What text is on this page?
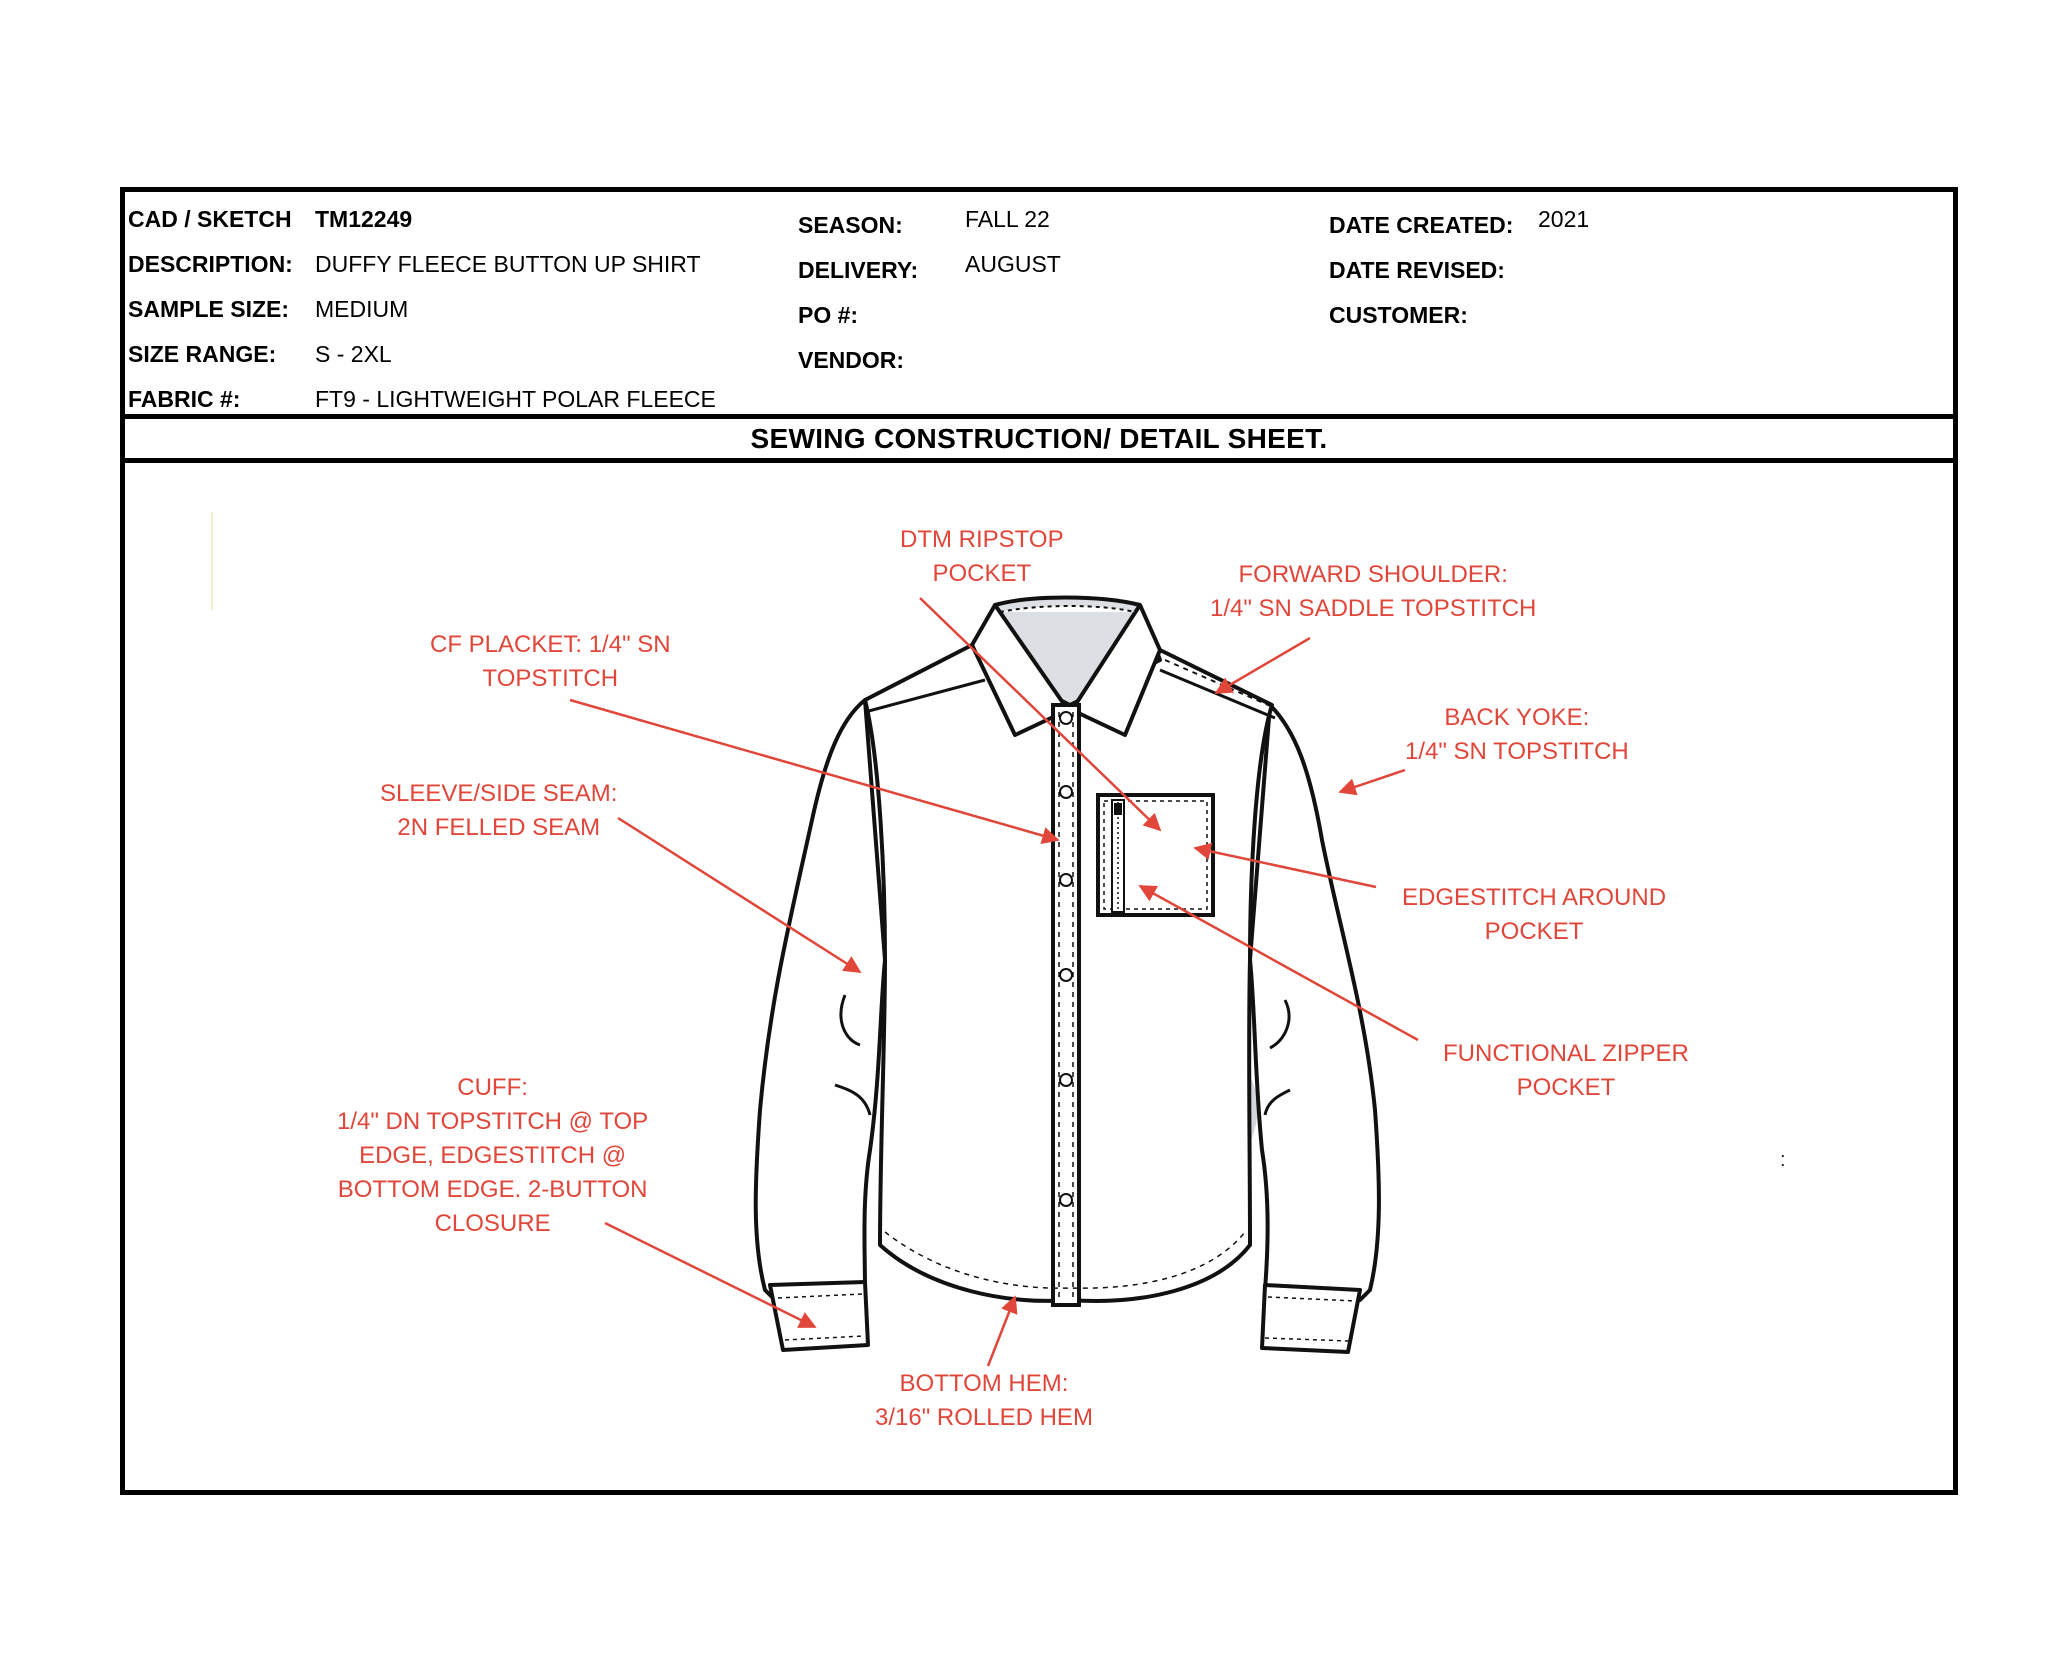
CAD / SKETCH TM12249
DESCRIPTION: DUFFY FLEECE BUTTON UP SHIRT
SAMPLE SIZE: MEDIUM
SIZE RANGE: S - 2XL
FABRIC #:	FT9 - LIGHTWEIGHT POLAR FLEECE
SEASON:	FALL 22
DELIVERY: AUGUST
PO #:
VENDOR:
DATE CREATED: 2021
DATE REVISED:
CUSTOMER:
SEWING CONSTRUCTION/ DETAIL SHEET.
DTM RIPSTOP
POCKET	FORWARD SHOULDER:
1/4" SN SADDLE TOPSTITCH
CF PLACKET: 1/4" SN
TOPSTITCH
BACK YOKE:
1/4" SN TOPSTITCH
SLEEVE/SIDE SEAM:
2N FELLED SEAM
EDGESTITCH AROUND
POCKET
FUNCTIONAL ZIPPER
POCKET
CUFF:
1/4" DN TOPSTITCH @ TOP
EDGE, EDGESTITCH @
BOTTOM EDGE. 2-BUTTON
CLOSURE
BOTTOM HEM:
3/16" ROLLED HEM
:
